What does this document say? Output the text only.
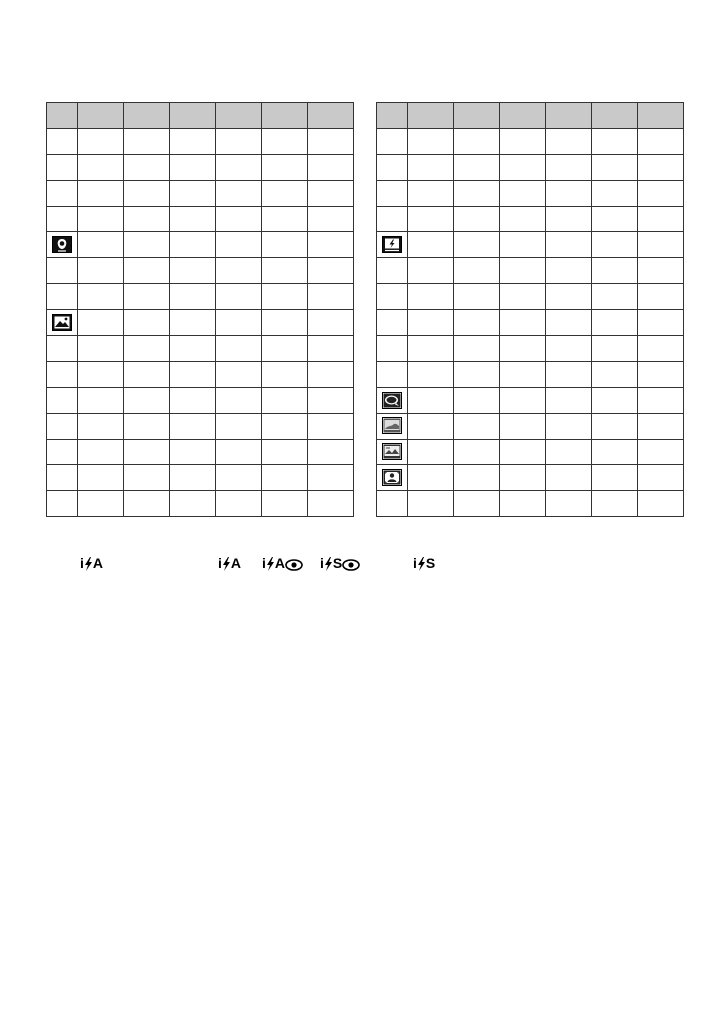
i A	i A i A	i S	i S
